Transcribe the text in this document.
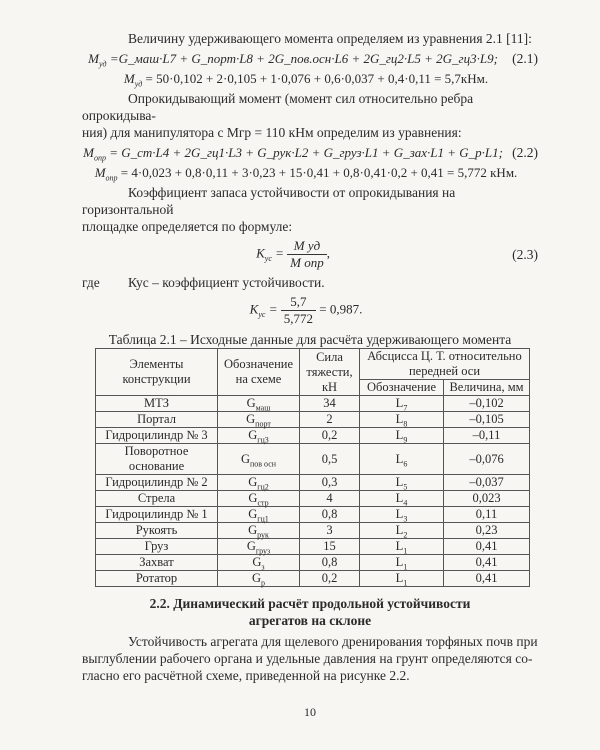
Величину удерживающего момента определяем из уравнения 2.1 [11]:

$M_{уд}$ =G_маш·L7 + G_порт·L8 + 2G_пов.осн·L6 + 2G_гц2·L5 + 2G_гц3·L9;	(2.1)
$M_{уд} = 50\cdot 0,102 + 2\cdot 0,105 + 1\cdot 0,076 + 0,6\cdot 0,037 + 0,4\cdot 0,11 = 5,7кНм$.

Опрокидывающий момент (момент сил относительно ребра опрокидыва-

ния) для манипулятора с Мгр = 110 кНм определим из уравнения:

$M_{опр}$ = G_ст·L4 + 2G_гц1·L3 + G_рук·L2 + G_груз·L1 + G_зах·L1 + G_р·L1; (2.2)
$M_{опр} = 4\cdot 0,023 + 0,8\cdot 0,11 + 3\cdot 0,23 + 15\cdot 0,41 + 0,8\cdot 0,41\cdot 0,2 + 0,41 = 5,772$ кНм.

Коэффициент запаса устойчивости от опрокидывания на горизонтальной

площадке определяется по формуле:

$K_{ус} = \frac{\text{M уд}}{\text{M опр}}$ ,	(2.3)
где	Кус – коэффициент устойчивости.
$K_{ус} = \frac{5,7}{5,772} = 0,987$.
Таблица 2.1 – Исходные данные для расчёта удерживающего момента
Элементы конструкции	Обозначение на схеме	Сила тяжести, кН	Абсцисса Ц. Т. относительно передней оси	
			Обозначение	Величина, мм
МТЗ	$G_{маш}$	34	$L_7$	–0,102
Портал	$G_{порт}$	2	$L_8$	–0,105
Гидроцилиндр № 3	$G_{гц3}$	0,2	$L_9$	–0,11
Поворотное основание	$G_{пов осн}$	0,5	$L_6$	–0,076
Гидроцилиндр № 2	$G_{гц2}$	0,3	$L_5$	–0,037
Стрела	$G_{стр}$	4	$L_4$	0,023
Гидроцилиндр № 1	$G_{гц1}$	0,8	$L_3$	0,11
Рукоять	$G_{рук}$	3	$L_2$	0,23
Груз	$G_{груз}$	15	$L_1$	0,41
Захват	$G_з$	0,8	$L_1$	0,41
Ротатор	$G_р$	0,2	$L_1$	0,41
2.2. Динамический расчёт продольной устойчивости
агрегатов на склоне

Устойчивость агрегата для щелевого дренирования торфяных почв при

выглублении рабочего органа и удельные давления на грунт определяются со-

гласно его расчётной схеме, приведенной на рисунке 2.2.

10
